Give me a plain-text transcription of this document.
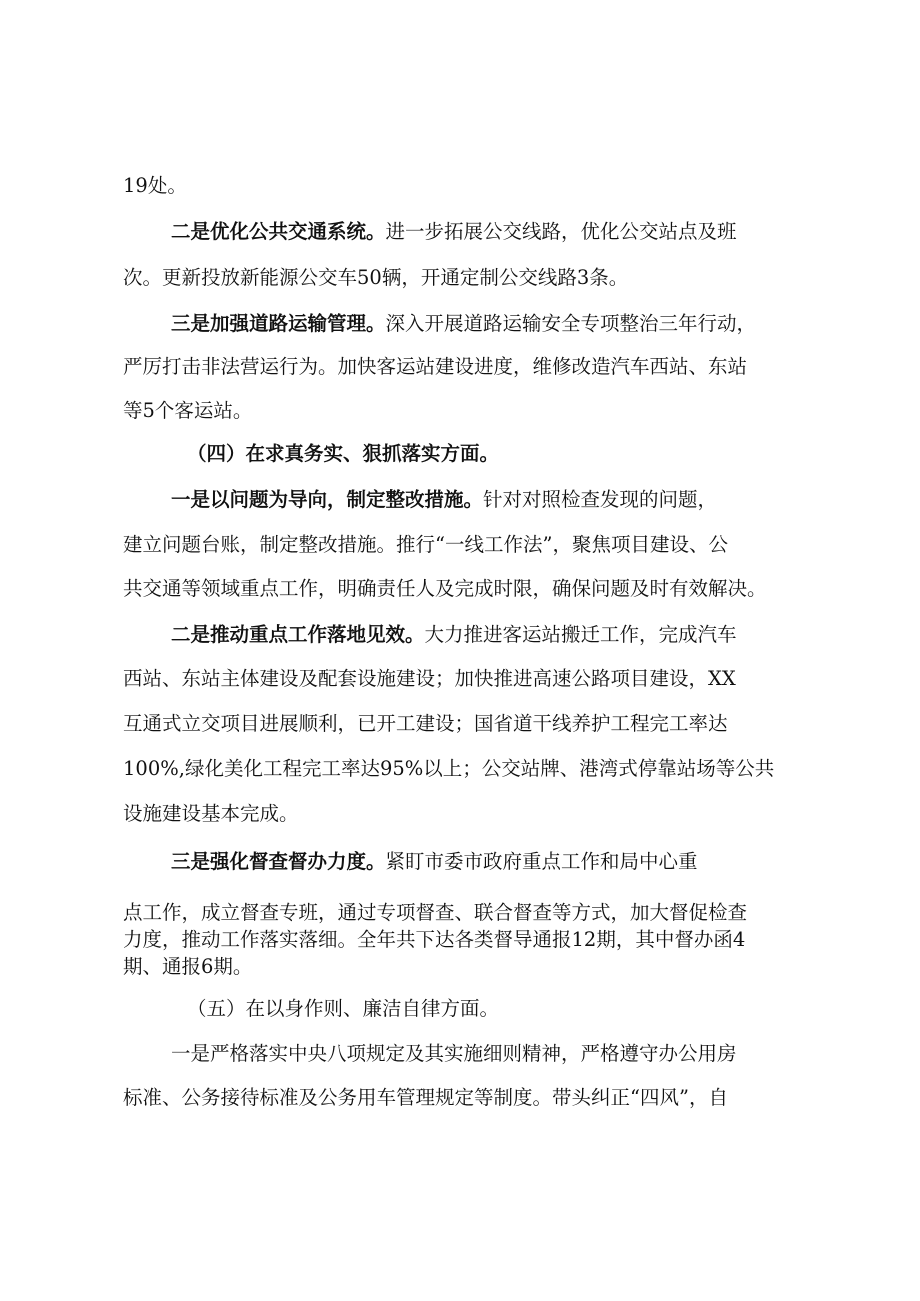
19处。
二是优化公共交通系统。进一步拓展公交线路，优化公交站点及班
次。更新投放新能源公交车50辆，开通定制公交线路3条。
三是加强道路运输管理。深入开展道路运输安全专项整治三年行动，
严厉打击非法营运行为。加快客运站建设进度，维修改造汽车西站、东站
等5个客运站。
（四）在求真务实、狠抓落实方面。
一是以问题为导向，制定整改措施。针对对照检查发现的问题，
建立问题台账，制定整改措施。推行“一线工作法”，聚焦项目建设、公
共交通等领域重点工作，明确责任人及完成时限，确保问题及时有效解决。
二是推动重点工作落地见效。大力推进客运站搬迁工作，完成汽车
西站、东站主体建设及配套设施建设；加快推进高速公路项目建设，XX
互通式立交项目进展顺利，已开工建设；国省道干线养护工程完工率达
100%,绿化美化工程完工率达95%以上；公交站牌、港湾式停靠站场等公共
设施建设基本完成。
三是强化督查督办力度。紧盯市委市政府重点工作和局中心重
点工作，成立督查专班，通过专项督查、联合督查等方式，加大督促检查
力度，推动工作落实落细。全年共下达各类督导通报12期，其中督办函4
期、通报6期。
（五）在以身作则、廉洁自律方面。
一是严格落实中央八项规定及其实施细则精神，严格遵守办公用房
标准、公务接待标准及公务用车管理规定等制度。带头纠正“四风”，自
